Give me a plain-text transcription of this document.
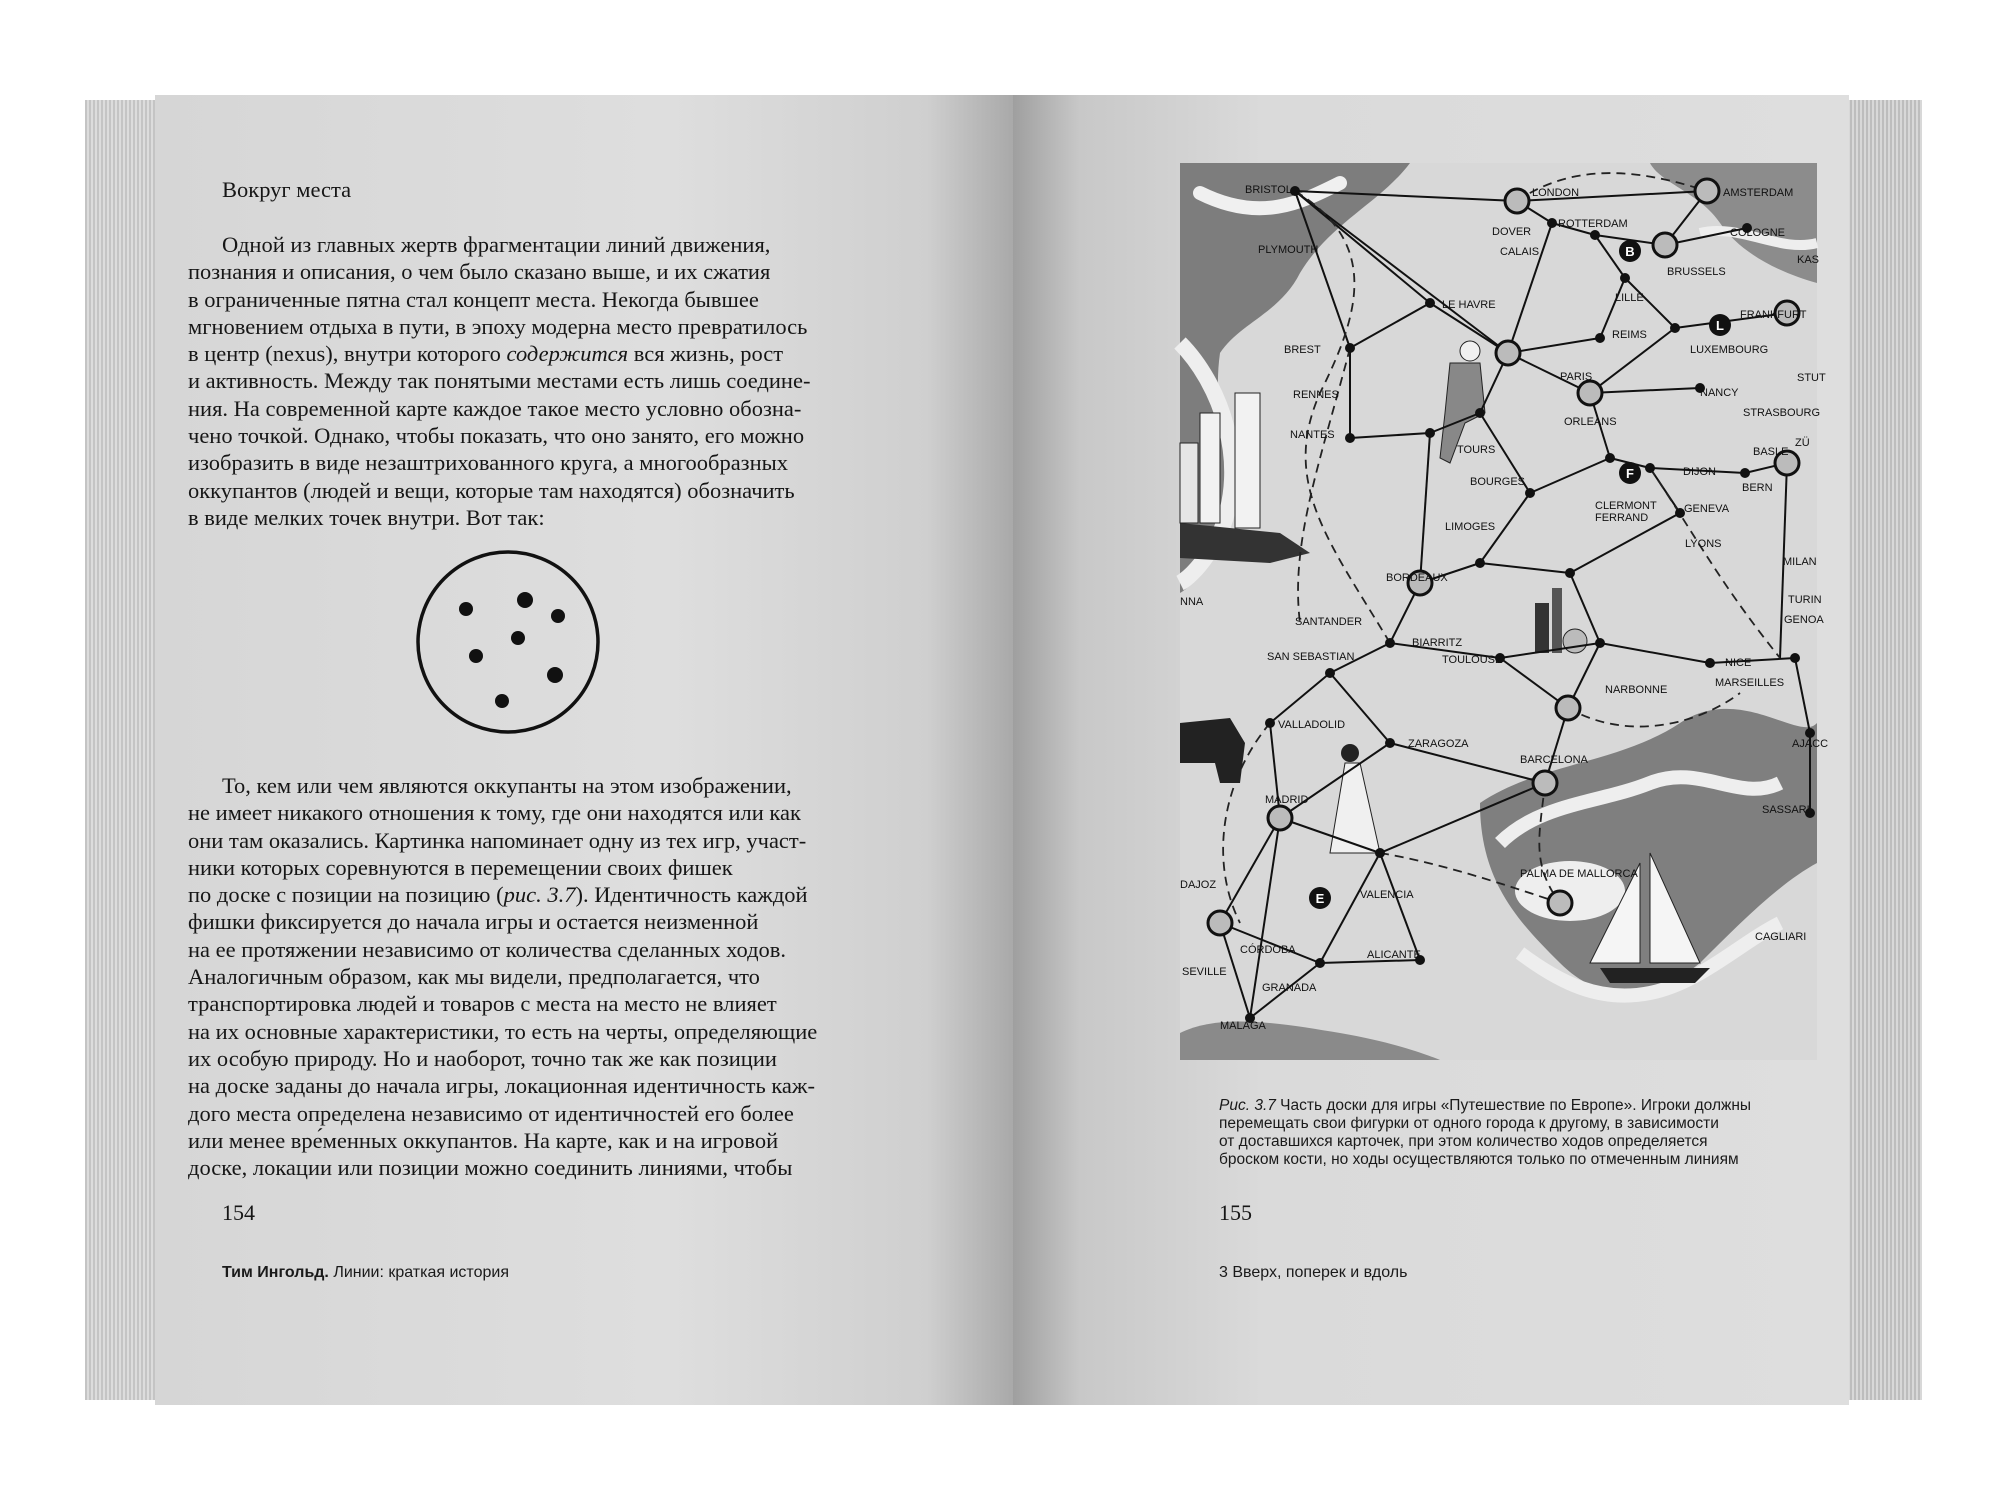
Вокруг места
Одной из главных жертв фрагментации линий движения,
познания и описания, о чем было сказано выше, и их сжатия
в ограниченные пятна стал концепт места. Некогда бывшее
мгновением отдыха в пути, в эпоху модерна место превратилось
в центр (nexus), внутри которого содержится вся жизнь, рост
и активность. Между так понятыми местами есть лишь соедине-
ния. На современной карте каждое такое место условно обозна-
чено точкой. Однако, чтобы показать, что оно занято, его можно
изобразить в виде незаштрихованного круга, а многообразных
оккупантов (людей и вещи, которые там находятся) обозначить
в виде мелких точек внутри. Вот так:
То, кем или чем являются оккупанты на этом изображении,
не имеет никакого отношения к тому, где они находятся или как
они там оказались. Картинка напоминает одну из тех игр, участ-
ники которых соревнуются в перемещении своих фишек
по доске с позиции на позицию (рис. 3.7). Идентичность каждой
фишки фиксируется до начала игры и остается неизменной
на ее протяжении независимо от количества сделанных ходов.
Аналогичным образом, как мы видели, предполагается, что
транспортировка людей и товаров с места на место не влияет
на их основные характеристики, то есть на черты, определяющие
их особую природу. Но и наоборот, точно так же как позиции
на доске заданы до начала игры, локационная идентичность каж-
дого места определена независимо от идентичностей его более
или менее вре́менных оккупантов. На карте, как и на игровой
доске, локации или позиции можно соединить линиями, чтобы
154
Тим Ингольд. Линии: краткая история
B
L
F
E
BRISTOL	LONDON	AMSTERDAM
DOVER
ROTTERDAM
COLOGNE
PLYMOUTH	CALAIS
BRUSSELS
KAS
LE HAVRE
LILLE
FRANKFURT
REIMS
LUXEMBOURG
BREST
PARIS	STUT
NANCY
RENNES
STRASBOURG
ORLEANS
NANTES
TOURS	BASLE
ZÜ
DIJON
BOURGES	BERN
LIMOGES
CLERMONT
FERRAND
GENEVA
LYONS
MILAN
BORDEAUX
TURIN
GENOA
NNA
SANTANDER
BIARRITZ
SAN SEBASTIAN	TOULOUSE	NICE
NARBONNE
MARSEILLES
VALLADOLID
ZARAGOZA
BARCELONA
AJACC
MADRID
SASSARI
PALMA DE MALLORCA
DAJOZ
VALENCIA
CAGLIARI
CÓRDOBA	ALICANTE
SEVILLE
GRANADA
MALAGA
Рис. 3.7 Часть доски для игры «Путешествие по Европе». Игроки должны
перемещать свои фигурки от одного города к другому, в зависимости
от доставшихся карточек, при этом количество ходов определяется
броском кости, но ходы осуществляются только по отмеченным линиям
155
3 Вверх, поперек и вдоль
